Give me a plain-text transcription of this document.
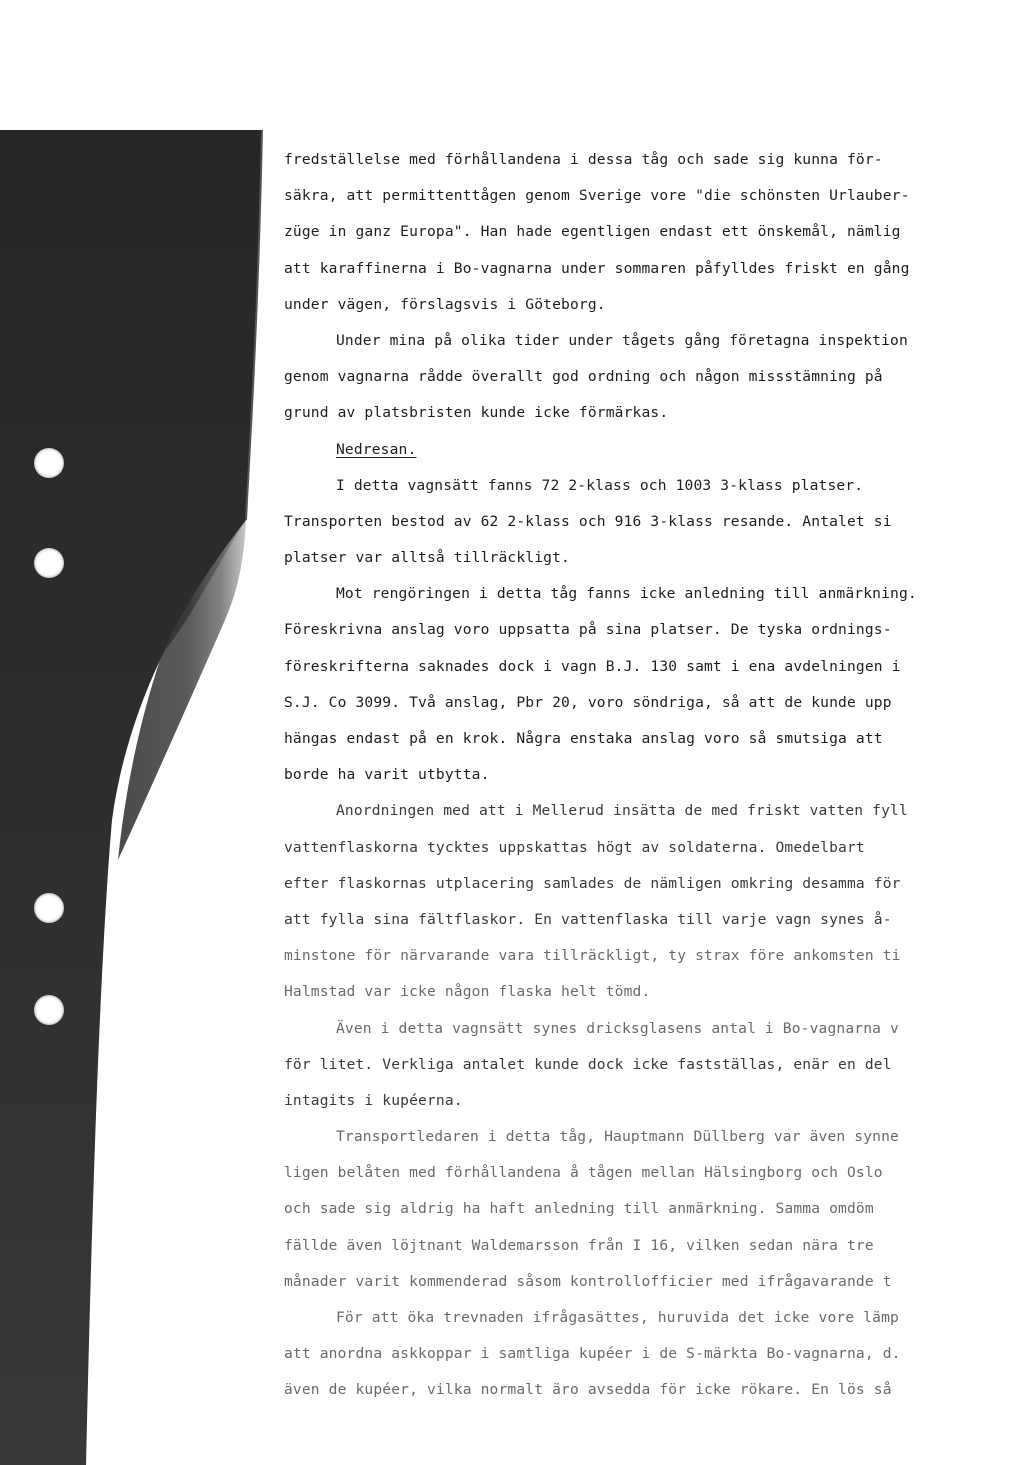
fredställelse med förhållandena i dessa tåg och sade sig kunna för-
säkra, att permittenttågen genom Sverige vore "die schönsten Urlauber-
züge in ganz Europa". Han hade egentligen endast ett önskemål, nämlig
att karaffinerna i Bo-vagnarna under sommaren påfylldes friskt en gång
under vägen, förslagsvis i Göteborg.
Under mina på olika tider under tågets gång företagna inspektion
genom vagnarna rådde överallt god ordning och någon missstämning på
grund av platsbristen kunde icke förmärkas.
Nedresan.
I detta vagnsätt fanns 72 2-klass och 1003 3-klass platser.
Transporten bestod av 62 2-klass och 916 3-klass resande. Antalet si
platser var alltså tillräckligt.
Mot rengöringen i detta tåg fanns icke anledning till anmärkning.
Föreskrivna anslag voro uppsatta på sina platser. De tyska ordnings-
föreskrifterna saknades dock i vagn B.J. 130 samt i ena avdelningen i
S.J. Co 3099. Två anslag, Pbr 20, voro söndriga, så att de kunde upp
hängas endast på en krok. Några enstaka anslag voro så smutsiga att
borde ha varit utbytta.
Anordningen med att i Mellerud insätta de med friskt vatten fyll
vattenflaskorna tycktes uppskattas högt av soldaterna. Omedelbart
efter flaskornas utplacering samlades de nämligen omkring desamma för
att fylla sina fältflaskor. En vattenflaska till varje vagn synes å-
minstone för närvarande vara tillräckligt, ty strax före ankomsten ti
Halmstad var icke någon flaska helt tömd.
Även i detta vagnsätt synes dricksglasens antal i Bo-vagnarna v
för litet. Verkliga antalet kunde dock icke fastställas, enär en del
intagits i kupéerna.
Transportledaren i detta tåg, Hauptmann Düllberg var även synne
ligen belåten med förhållandena å tågen mellan Hälsingborg och Oslo
och sade sig aldrig ha haft anledning till anmärkning. Samma omdöm
fällde även löjtnant Waldemarsson från I 16, vilken sedan nära tre
månader varit kommenderad såsom kontrollofficier med ifrågavarande t
För att öka trevnaden ifrågasättes, huruvida det icke vore lämp
att anordna askkoppar i samtliga kupéer i de S-märkta Bo-vagnarna, d.
även de kupéer, vilka normalt äro avsedda för icke rökare. En lös så
